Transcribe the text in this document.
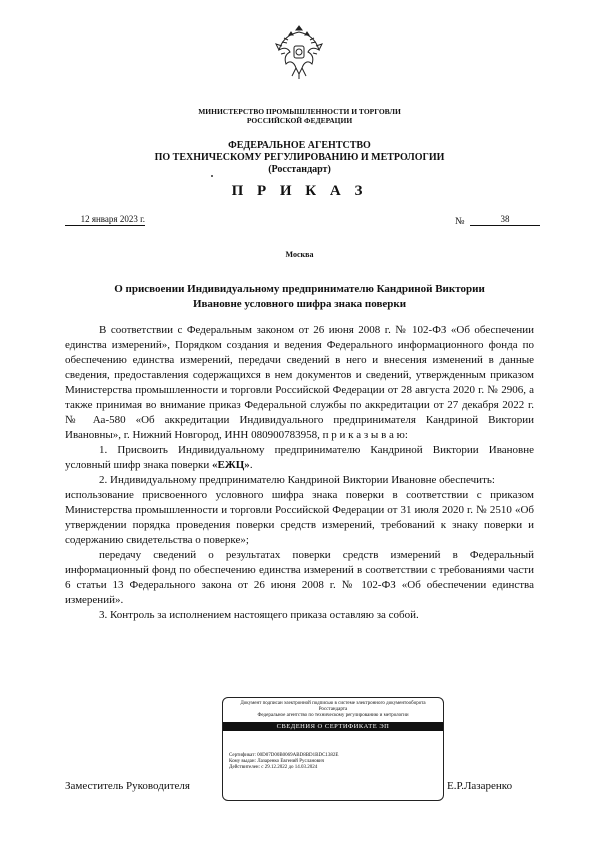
МИНИСТЕРСТВО ПРОМЫШЛЕННОСТИ И ТОРГОВЛИ
РОССИЙСКОЙ ФЕДЕРАЦИИ
ФЕДЕРАЛЬНОЕ АГЕНТСТВО
ПО ТЕХНИЧЕСКОМУ РЕГУЛИРОВАНИЮ И МЕТРОЛОГИИ
(Росстандарт)
П Р И К А З
12 января 2023 г.	№	38
Москва
О присвоении Индивидуальному предпринимателю Кандриной Виктории
Ивановне условного шифра знака поверки

В соответствии с Федеральным законом от 26 июня 2008 г. № 102-ФЗ «Об обеспечении единства измерений», Порядком создания и ведения Федерального информационного фонда по обеспечению единства измерений, передачи сведений в него и внесения изменений в данные сведения, предоставления содержащихся в нем документов и сведений, утвержденным приказом Министерства промышленности и торговли Российской Федерации от 28 августа 2020 г. № 2906, а также принимая во внимание приказ Федеральной службы по аккредитации от 27 декабря 2022 г. № Аа-580 «Об аккредитации Индивидуального предпринимателя Кандриной Виктории Ивановны», г. Нижний Новгород, ИНН 080900783958, п р и к а з ы в а ю:

1. Присвоить Индивидуальному предпринимателю Кандриной Виктории Ивановне условный шифр знака поверки «ЕЖЦ».

2. Индивидуальному предпринимателю Кандриной Виктории Ивановне обеспечить:

использование присвоенного условного шифра знака поверки в соответствии с приказом Министерства промышленности и торговли Российской Федерации от 31 июля 2020 г. № 2510 «Об утверждении порядка проведения поверки средств измерений, требований к знаку поверки и содержанию свидетельства о поверке»;

передачу сведений о результатах поверки средств измерений в Федеральный информационный фонд по обеспечению единства измерений в соответствии с требованиями части 6 статьи 13 Федерального закона от 26 июня 2008 г. № 102-ФЗ «Об обеспечении единства измерений».

3. Контроль за исполнением настоящего приказа оставляю за собой.

Документ подписан электронной подписью в системе электронного документооборота Росстандарта
Федеральное агентство по техническому регулированию и метрологии
СВЕДЕНИЯ О СЕРТИФИКАТЕ ЭП
Сертификат: 00D07D00B0069ABD8BD1BDC1382E
Кому выдан: Лазаренко Евгений Русланович
Действителен: с 29.12.2022 до 14.03.2024
Заместитель Руководителя	Е.Р.Лазаренко
